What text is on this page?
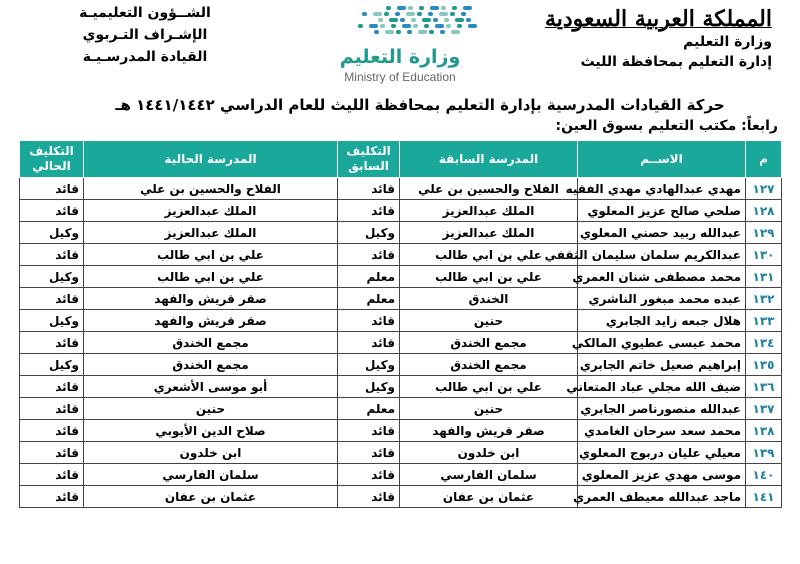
المملكة العربية السعودية
وزارة التعليم
إدارة التعليم بمحافظة الليث
وزارة التعليم
Ministry of Education
الشــؤون التعليميـة
الإشـراف التـربوي
القيادة المدرسـيـة
حركة القيادات المدرسية بإدارة التعليم بمحافظة الليث للعام الدراسي ١٤٤١/١٤٤٢ هـ
رابعاً: مكتب التعليم بسوق العين:
م	الاســم	المدرسة السابقة	التكليف السابق	المدرسة الحالية	التكليف الحالي
١٢٧	مهدي عبدالهادي مهدي الفقيه	الفلاح والحسين بن علي	قائد	الفلاح والحسين بن علي	قائد
١٢٨	صلحي صالح عزيز المعلوي	الملك عبدالعزيز	قائد	الملك عبدالعزيز	قائد
١٢٩	عبدالله ربيد حصني المعلوي	الملك عبدالعزيز	وكيل	الملك عبدالعزيز	وكيل
١٣٠	عبدالكريم سلمان سليمان الثقفي	علي بن ابي طالب	قائد	علي بن ابي طالب	قائد
١٣١	محمد مصطفى شنان العمري	علي بن ابي طالب	معلم	علي بن ابي طالب	وكيل
١٣٢	عبده محمد مبغور الناشري	الخندق	معلم	صقر قريش والفهد	قائد
١٣٣	هلال جبعه زايد الجابري	حنين	قائد	صقر قريش والفهد	وكيل
١٣٤	محمد عيسى عطيوي المالكي	مجمع الخندق	قائد	مجمع الخندق	قائد
١٣٥	إبراهيم صعيل خاتم الجابري	مجمع الخندق	وكيل	مجمع الخندق	وكيل
١٣٦	ضيف الله مجلي عباد المتعاني	علي بن ابي طالب	وكيل	أبو موسى الأشعري	قائد
١٣٧	عبدالله منصورناصر الجابري	حنين	معلم	حنين	قائد
١٣٨	محمد سعد سرحان الغامدي	صقر قريش والفهد	قائد	صلاح الدين الأيوبي	قائد
١٣٩	معيلي عليان دربوج المعلوي	ابن خلدون	قائد	ابن خلدون	قائد
١٤٠	موسى مهدي عزيز المعلوي	سلمان الفارسي	قائد	سلمان الفارسي	قائد
١٤١	ماجد عبدالله معيطف العمري	عثمان بن عفان	قائد	عثمان بن عفان	قائد
